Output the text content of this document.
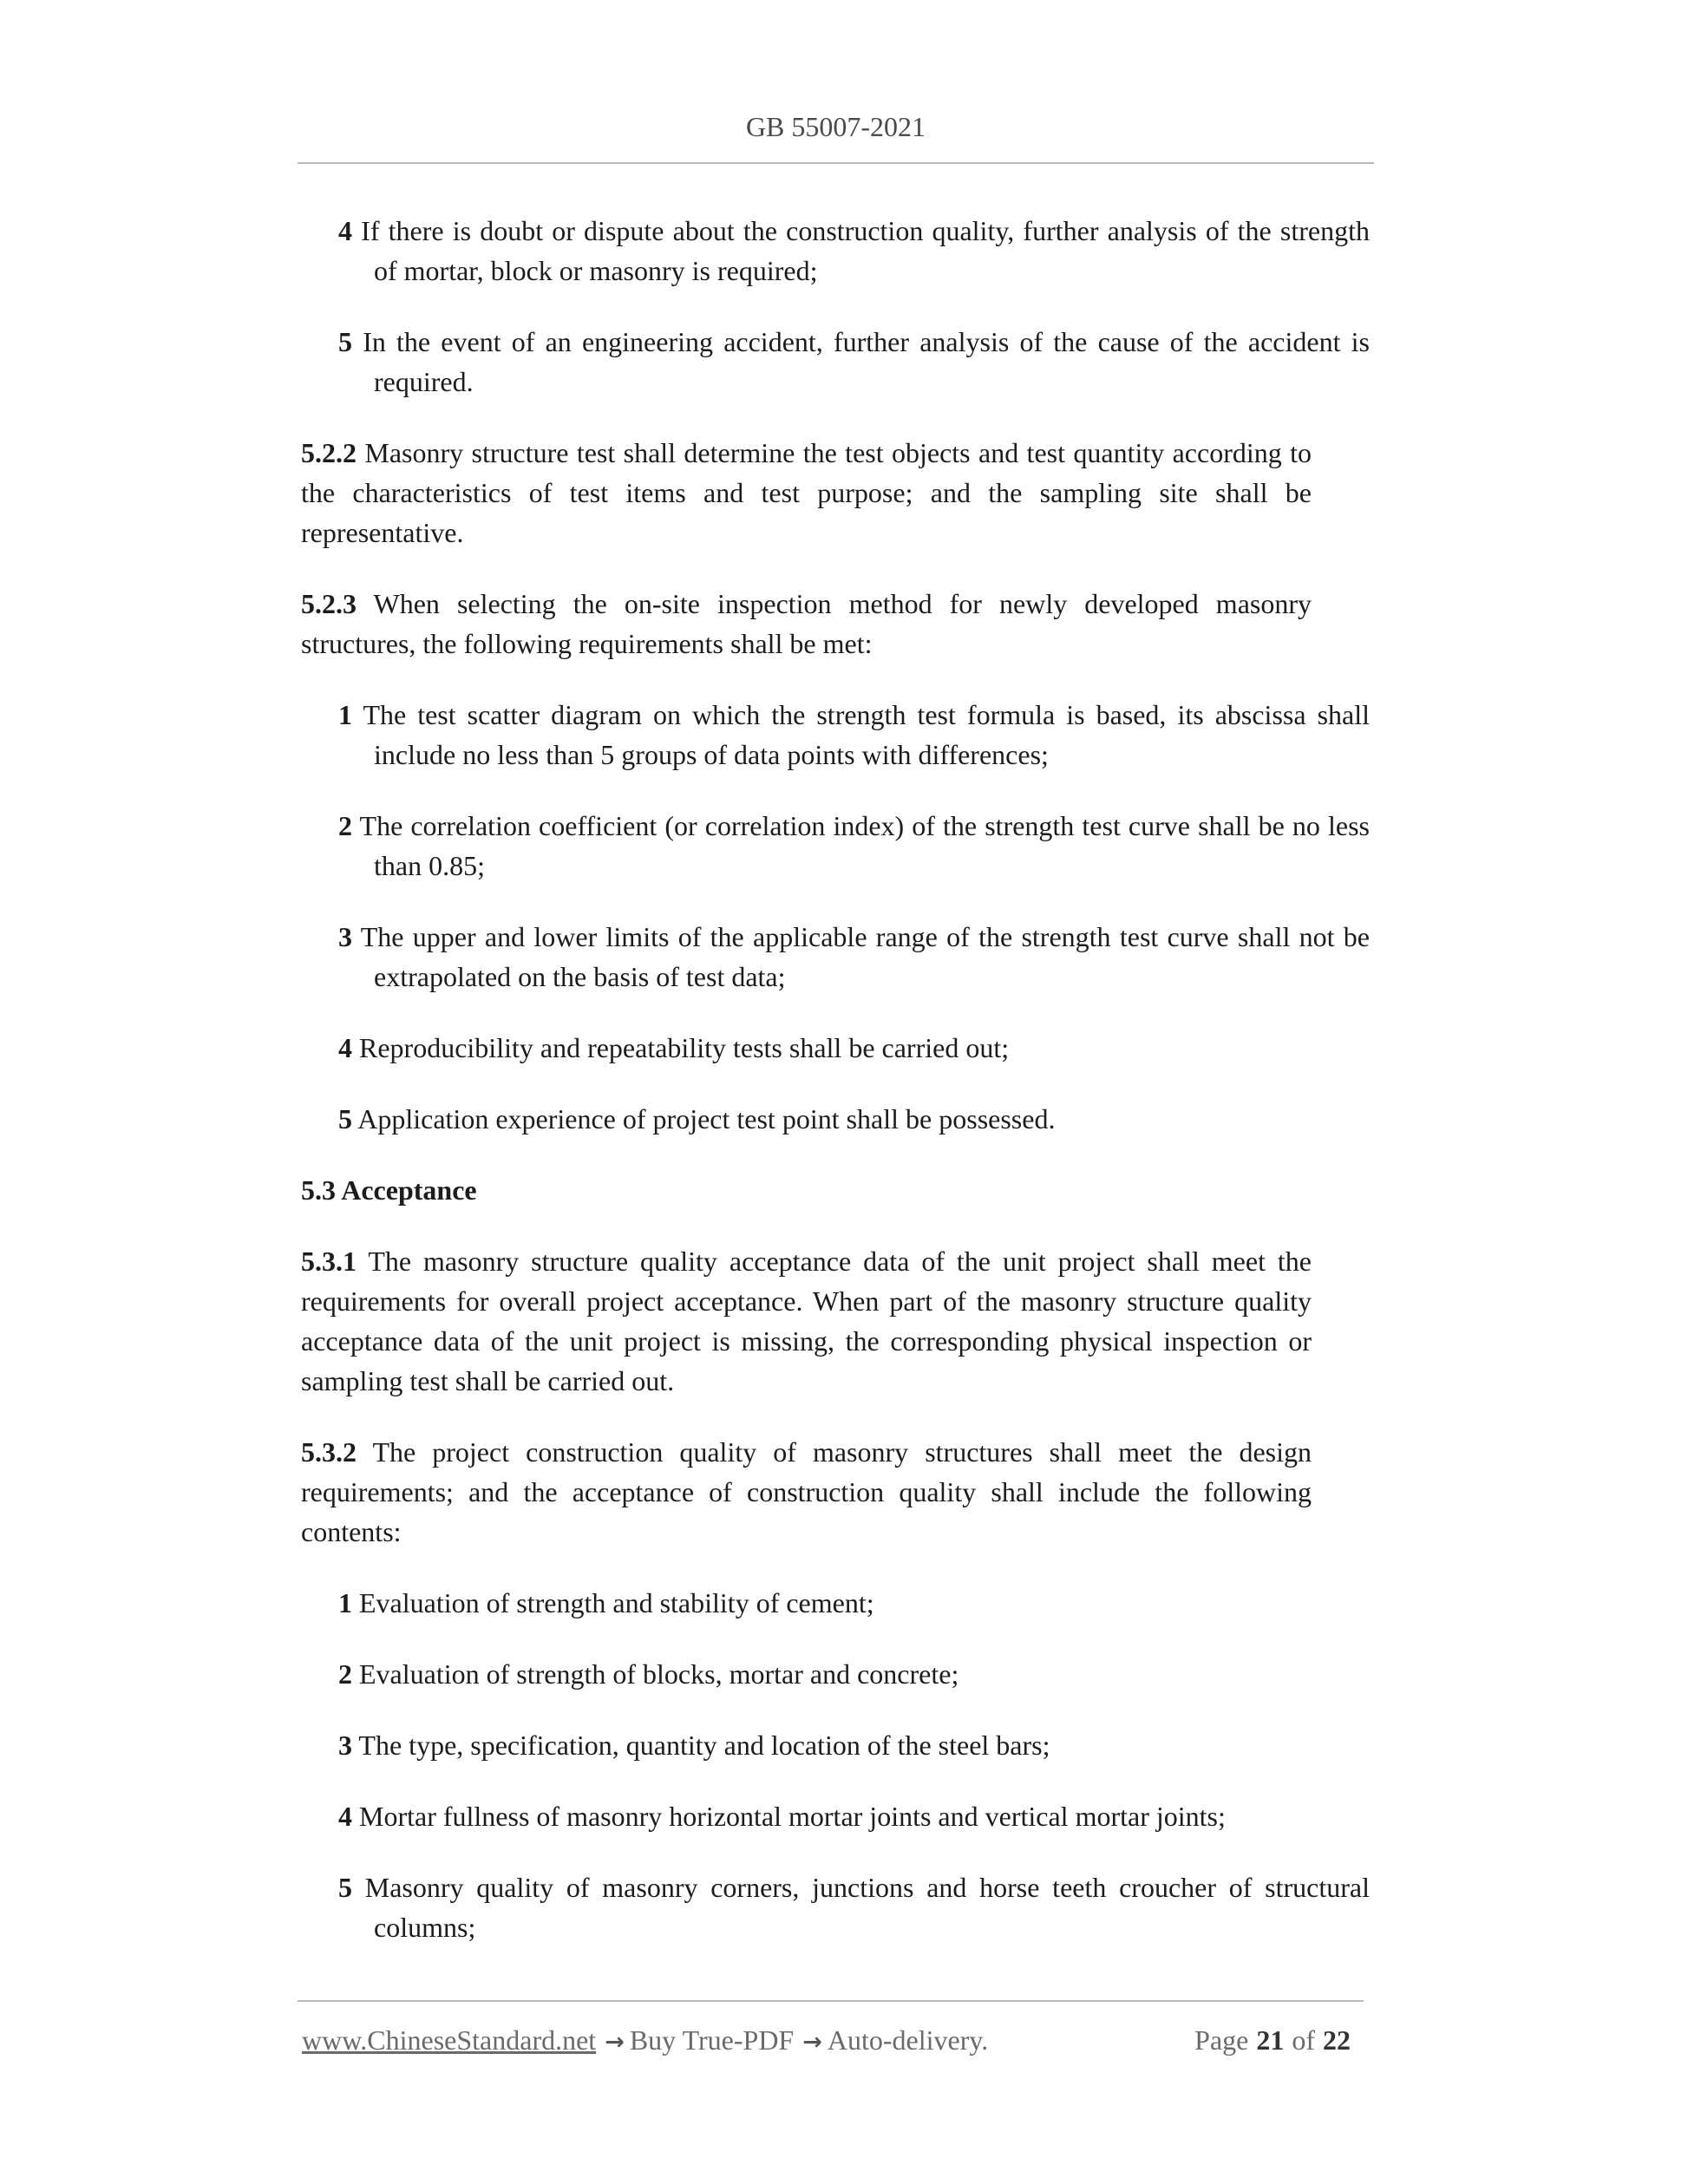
GB 55007-2021
4 If there is doubt or dispute about the construction quality, further analysis of the strength
of mortar, block or masonry is required;
5 In the event of an engineering accident, further analysis of the cause of the accident is
required.
5.2.2 Masonry structure test shall determine the test objects and test quantity according to
the characteristics of test items and test purpose; and the sampling site shall be
representative.
5.2.3 When selecting the on-site inspection method for newly developed masonry
structures, the following requirements shall be met:
1 The test scatter diagram on which the strength test formula is based, its abscissa shall
include no less than 5 groups of data points with differences;
2 The correlation coefficient (or correlation index) of the strength test curve shall be no less
than 0.85;
3 The upper and lower limits of the applicable range of the strength test curve shall not be
extrapolated on the basis of test data;
4 Reproducibility and repeatability tests shall be carried out;
5 Application experience of project test point shall be possessed.
5.3 Acceptance
5.3.1 The masonry structure quality acceptance data of the unit project shall meet the
requirements for overall project acceptance. When part of the masonry structure quality
acceptance data of the unit project is missing, the corresponding physical inspection or
sampling test shall be carried out.
5.3.2 The project construction quality of masonry structures shall meet the design
requirements; and the acceptance of construction quality shall include the following
contents:
1 Evaluation of strength and stability of cement;
2 Evaluation of strength of blocks, mortar and concrete;
3 The type, specification, quantity and location of the steel bars;
4 Mortar fullness of masonry horizontal mortar joints and vertical mortar joints;
5 Masonry quality of masonry corners, junctions and horse teeth croucher of structural
columns;
www.ChineseStandard.net → Buy True-PDF → Auto-delivery.	Page 21 of 22
